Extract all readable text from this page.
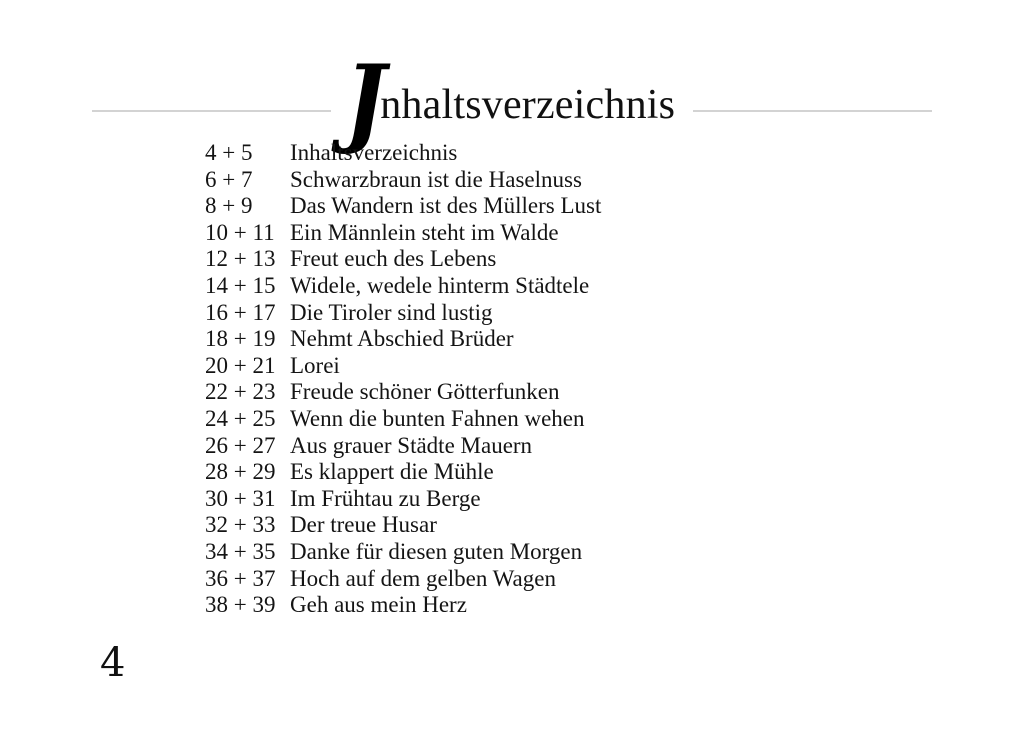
J nhaltsverzeichnis
4 + 5	Inhaltsverzeichnis
6 + 7	Schwarzbraun ist die Haselnuss
8 + 9	Das Wandern ist des Müllers Lust
10 + 11 Ein Männlein steht im Walde
12 + 13 Freut euch des Lebens
14 + 15 Widele, wedele hinterm Städtele
16 + 17 Die Tiroler sind lustig
18 + 19 Nehmt Abschied Brüder
20 + 21 Lorei
22 + 23 Freude schöner Götterfunken
24 + 25 Wenn die bunten Fahnen wehen
26 + 27 Aus grauer Städte Mauern
28 + 29 Es klappert die Mühle
30 + 31 Im Frühtau zu Berge
32 + 33 Der treue Husar
34 + 35 Danke für diesen guten Morgen
36 + 37 Hoch auf dem gelben Wagen
38 + 39 Geh aus mein Herz
4
